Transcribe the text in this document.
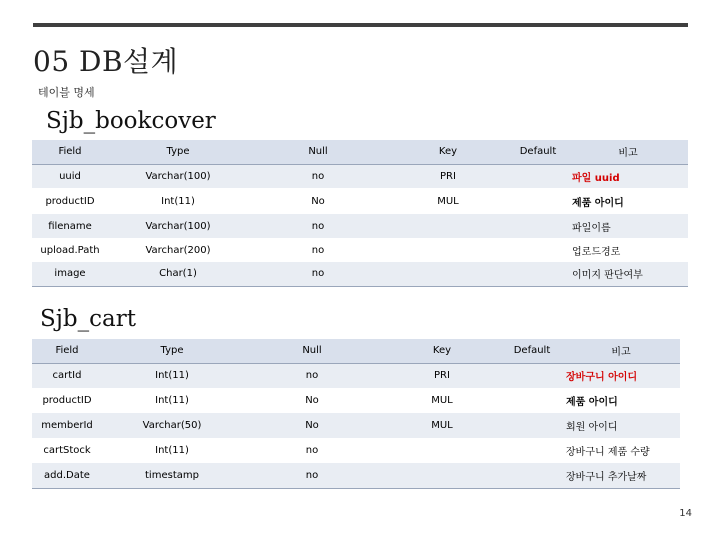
05 DB설계
테이블 명세
Sjb_bookcover
Field	Type	Null	Key	Default	비고
uuid	Varchar(100)	no	PRI		파일 uuid
productID	Int(11)	No	MUL		제품 아이디
filename	Varchar(100)	no			파일이름
upload.Path	Varchar(200)	no			업로드경로
image	Char(1)	no			이미지 판단여부
Sjb_cart
Field	Type	Null	Key	Default	비고
cartId	Int(11)	no	PRI		장바구니 아이디
productID	Int(11)	No	MUL		제품 아이디
memberId	Varchar(50)	No	MUL		회원 아이디
cartStock	Int(11)	no			장바구니 제품 수량
add.Date	timestamp	no			장바구니 추가날짜
14
